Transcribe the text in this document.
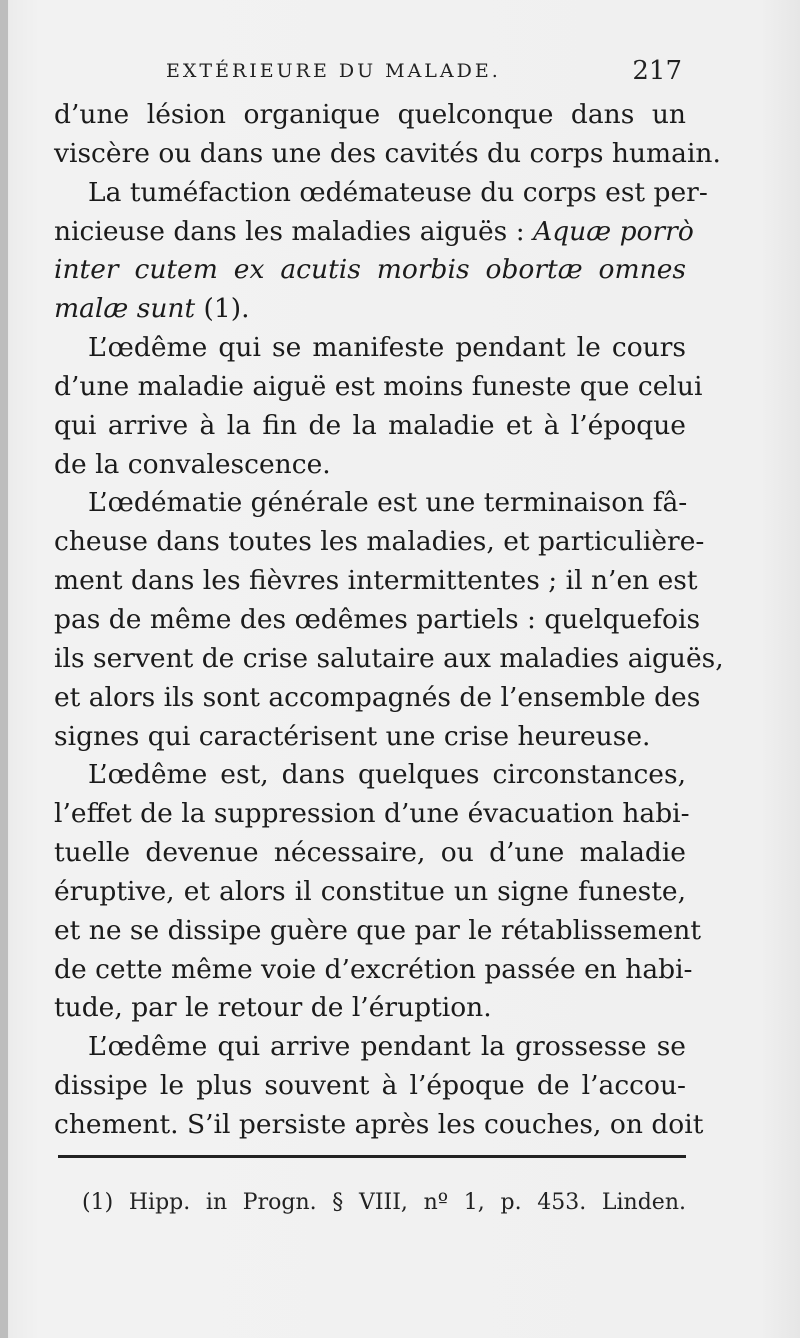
EXTÉRIEURE DU MALADE.	217
d’une lésion organique quelconque dans un
viscère ou dans une des cavités du corps humain.
La tuméfaction œdémateuse du corps est per-
nicieuse dans les maladies aiguës : Aquæ porrò
inter cutem ex acutis morbis obortæ omnes
malæ sunt (1).
L’œdême qui se manifeste pendant le cours
d’une maladie aiguë est moins funeste que celui
qui arrive à la fin de la maladie et à l’époque
de la convalescence.
L’œdématie générale est une terminaison fâ-
cheuse dans toutes les maladies, et particulière-
ment dans les fièvres intermittentes ; il n’en est
pas de même des œdêmes partiels : quelquefois
ils servent de crise salutaire aux maladies aiguës,
et alors ils sont accompagnés de l’ensemble des
signes qui caractérisent une crise heureuse.
L’œdême est, dans quelques circonstances,
l’effet de la suppression d’une évacuation habi-
tuelle devenue nécessaire, ou d’une maladie
éruptive, et alors il constitue un signe funeste,
et ne se dissipe guère que par le rétablissement
de cette même voie d’excrétion passée en habi-
tude, par le retour de l’éruption.
L’œdême qui arrive pendant la grossesse se
dissipe le plus souvent à l’époque de l’accou-
chement. S’il persiste après les couches, on doit
(1) Hipp. in Progn. § VIII, nº 1, p. 453. Linden.
